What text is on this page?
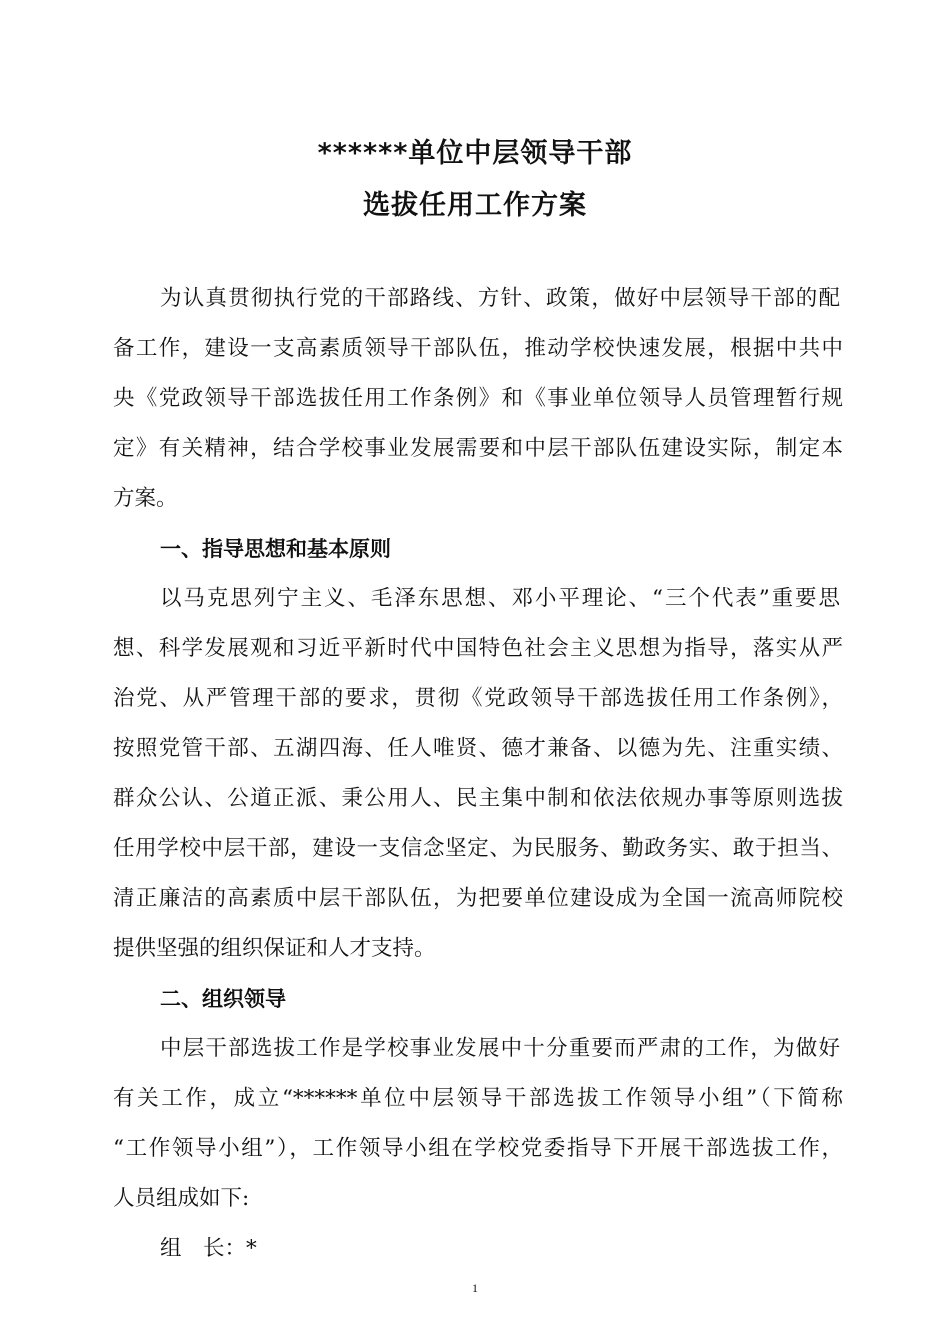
******单位中层领导干部
选拔任用工作方案
为认真贯彻执行党的干部路线、方针、政策，做好中层领导干部的配
备工作，建设一支高素质领导干部队伍，推动学校快速发展，根据中共中
央《党政领导干部选拔任用工作条例》和《事业单位领导人员管理暂行规
定》有关精神，结合学校事业发展需要和中层干部队伍建设实际，制定本
方案。
一、指导思想和基本原则
以马克思列宁主义、毛泽东思想、邓小平理论、“三个代表”重要思
想、科学发展观和习近平新时代中国特色社会主义思想为指导，落实从严
治党、从严管理干部的要求，贯彻《党政领导干部选拔任用工作条例》，
按照党管干部、五湖四海、任人唯贤、德才兼备、以德为先、注重实绩、
群众公认、公道正派、秉公用人、民主集中制和依法依规办事等原则选拔
任用学校中层干部，建设一支信念坚定、为民服务、勤政务实、敢于担当、
清正廉洁的高素质中层干部队伍，为把要单位建设成为全国一流高师院校
提供坚强的组织保证和人才支持。
二、组织领导
中层干部选拔工作是学校事业发展中十分重要而严肃的工作，为做好
有关工作，成立“******单位中层领导干部选拔工作领导小组”（下简称
“工作领导小组”），工作领导小组在学校党委指导下开展干部选拔工作，
人员组成如下:
组　长：*
1
